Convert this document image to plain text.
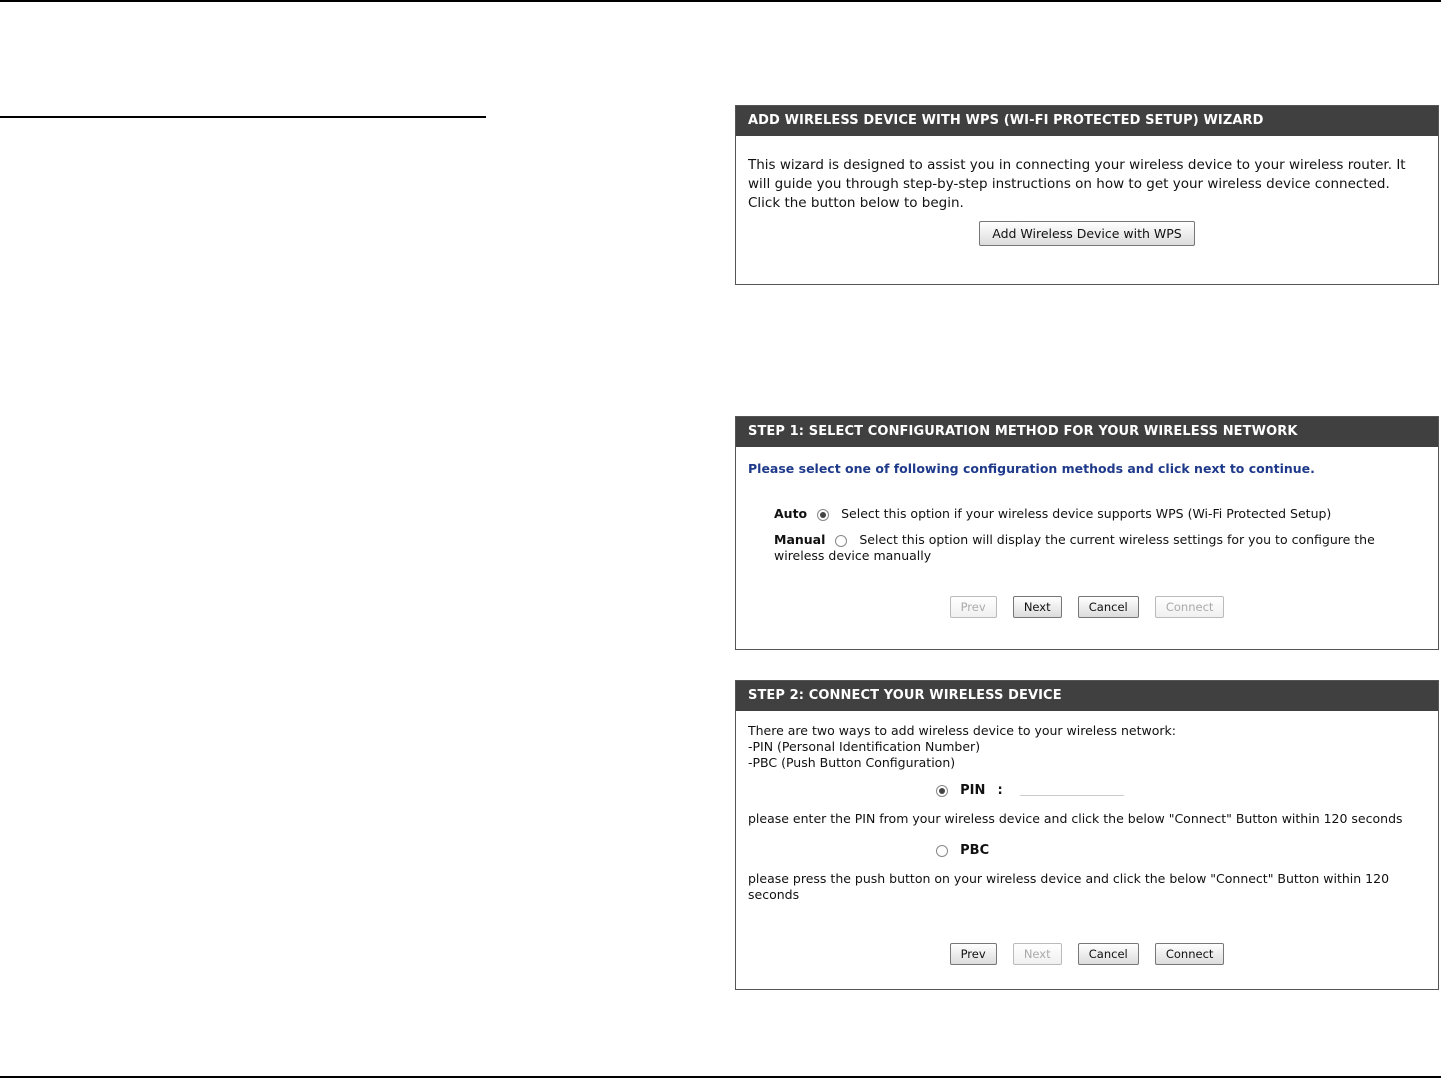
ADD WIRELESS DEVICE WITH WPS (WI-FI PROTECTED SETUP) WIZARD
This wizard is designed to assist you in connecting your wireless device to your wireless router. It will guide you through step-by-step instructions on how to get your wireless device connected. Click the button below to begin.
Add Wireless Device with WPS
STEP 1: SELECT CONFIGURATION METHOD FOR YOUR WIRELESS NETWORK
Please select one of following configuration methods and click next to continue.
Auto	Select this option if your wireless device supports WPS (Wi-Fi Protected Setup)
Manual	Select this option will display the current wireless settings for you to configure the wireless device manually
Prev	Next	Cancel	Connect
STEP 2: CONNECT YOUR WIRELESS DEVICE
There are two ways to add wireless device to your wireless network:
-PIN (Personal Identification Number)
-PBC (Push Button Configuration)
PIN :
please enter the PIN from your wireless device and click the below "Connect" Button within 120 seconds
PBC
please press the push button on your wireless device and click the below "Connect" Button within 120 seconds
Prev	Next	Cancel	Connect
